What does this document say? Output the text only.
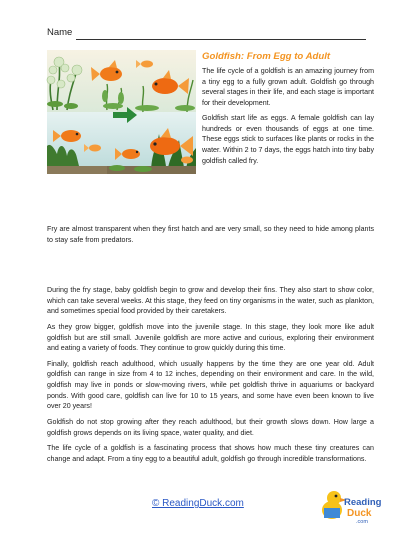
Name
Goldfish: From Egg to Adult

The life cycle of a goldfish is an amazing journey from a tiny egg to a fully grown adult. Goldfish go through several stages in their life, and each stage is important for their development.

Goldfish start life as eggs. A female goldfish can lay hundreds or even thousands of eggs at one time. These eggs stick to surfaces like plants or rocks in the water. Within 2 to 7 days, the eggs hatch into tiny baby goldfish called fry.

Fry are almost transparent when they first hatch and are very small, so they need to hide among plants to stay safe from predators.

During the fry stage, baby goldfish begin to grow and develop their fins. They also start to show color, which can take several weeks. At this stage, they feed on tiny organisms in the water, such as plankton, and sometimes special food provided by their caretakers.

As they grow bigger, goldfish move into the juvenile stage. In this stage, they look more like adult goldfish but are still small. Juvenile goldfish are more active and curious, exploring their environment and eating a variety of foods. They continue to grow quickly during this time.

Finally, goldfish reach adulthood, which usually happens by the time they are one year old. Adult goldfish can range in size from 4 to 12 inches, depending on their environment and care. In the wild, goldfish may live in ponds or slow-moving rivers, while pet goldfish thrive in aquariums or backyard ponds. With good care, goldfish can live for 10 to 15 years, and some have even been known to live over 20 years!

Goldfish do not stop growing after they reach adulthood, but their growth slows down. How large a goldfish grows depends on its living space, water quality, and diet.

The life cycle of a goldfish is a fascinating process that shows how much these tiny creatures can change and adapt. From a tiny egg to a beautiful adult, goldfish go through incredible transformations.

© ReadingDuck.com	Reading
Duck
.com
